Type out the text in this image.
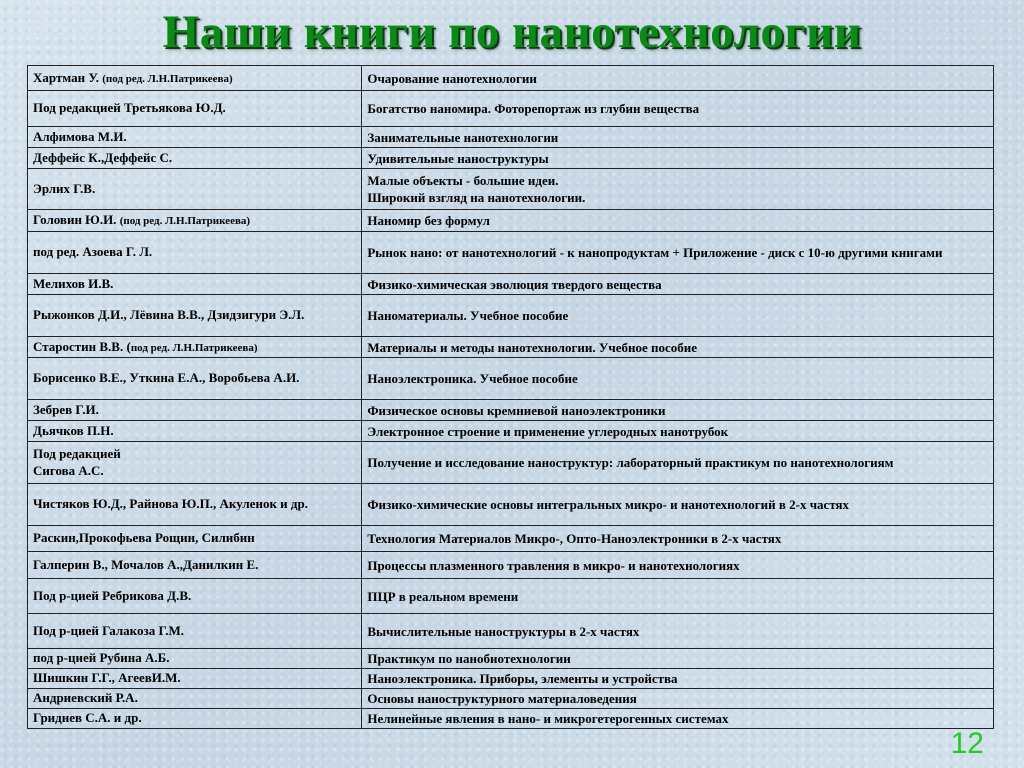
Наши книги по нанотехнологии
Хартман У. (под ред. Л.Н.Патрикеева)	Очарование нанотехнологии
Под редакцией Третьякова Ю.Д.	Богатство наномира. Фоторепортаж из глубин вещества
Алфимова М.И.	Занимательные нанотехнологии
Деффейс К.,Деффейс С.	Удивительные наноструктуры
Эрлих Г.В.	Малые объекты - большие идеи.
Широкий взгляд на нанотехнологии.
Головин Ю.И. (под ред. Л.Н.Патрикеева)	Наномир без формул
под ред. Азоева Г. Л.	Рынок нано: от нанотехнологий - к нанопродуктам + Приложение - диск с 10-ю другими книгами
Мелихов И.В.	Физико-химическая эволюция твердого вещества
Рыжонков Д.И., Лёвина В.В., Дзидзигури Э.Л.	Наноматериалы. Учебное пособие
Старостин В.В. (под ред. Л.Н.Патрикеева)	Материалы и методы нанотехнологии. Учебное пособие
Борисенко В.Е., Уткина Е.А., Воробьева А.И.	Наноэлектроника. Учебное пособие
Зебрев Г.И.	Физическое основы кремниевой наноэлектроники
Дьячков П.Н.	Электронное строение и применение углеродных нанотрубок
Под редакцией
Сигова А.С.	Получение и исследование наноструктур: лабораторный практикум по нанотехнологиям
Чистяков Ю.Д., Райнова Ю.П., Акуленок и др.	Физико-химические основы интегральных микро- и нанотехнологий в 2-х частях
Раскин,Прокофьева Рощин, Силибин	Технология Материалов Микро-, Опто-Наноэлектроники в 2-х частях
Галперин В., Мочалов А.,Данилкин Е.	Процессы плазменного травления в микро- и нанотехнологиях
Под р-цией Ребрикова Д.В.	ПЦР в реальном времени
Под р-цией Галакоза Г.М.	Вычислительные наноструктуры в 2-х частях
под р-цией Рубина А.Б.	Практикум по нанобиотехнологии
Шишкин Г.Г., АгеевИ.М.	Наноэлектроника. Приборы, элементы и устройства
Андриевский Р.А.	Основы наноструктурного материаловедения
Гриднев С.А. и др.	Нелинейные явления в нано- и микрогетерогенных системах
12
